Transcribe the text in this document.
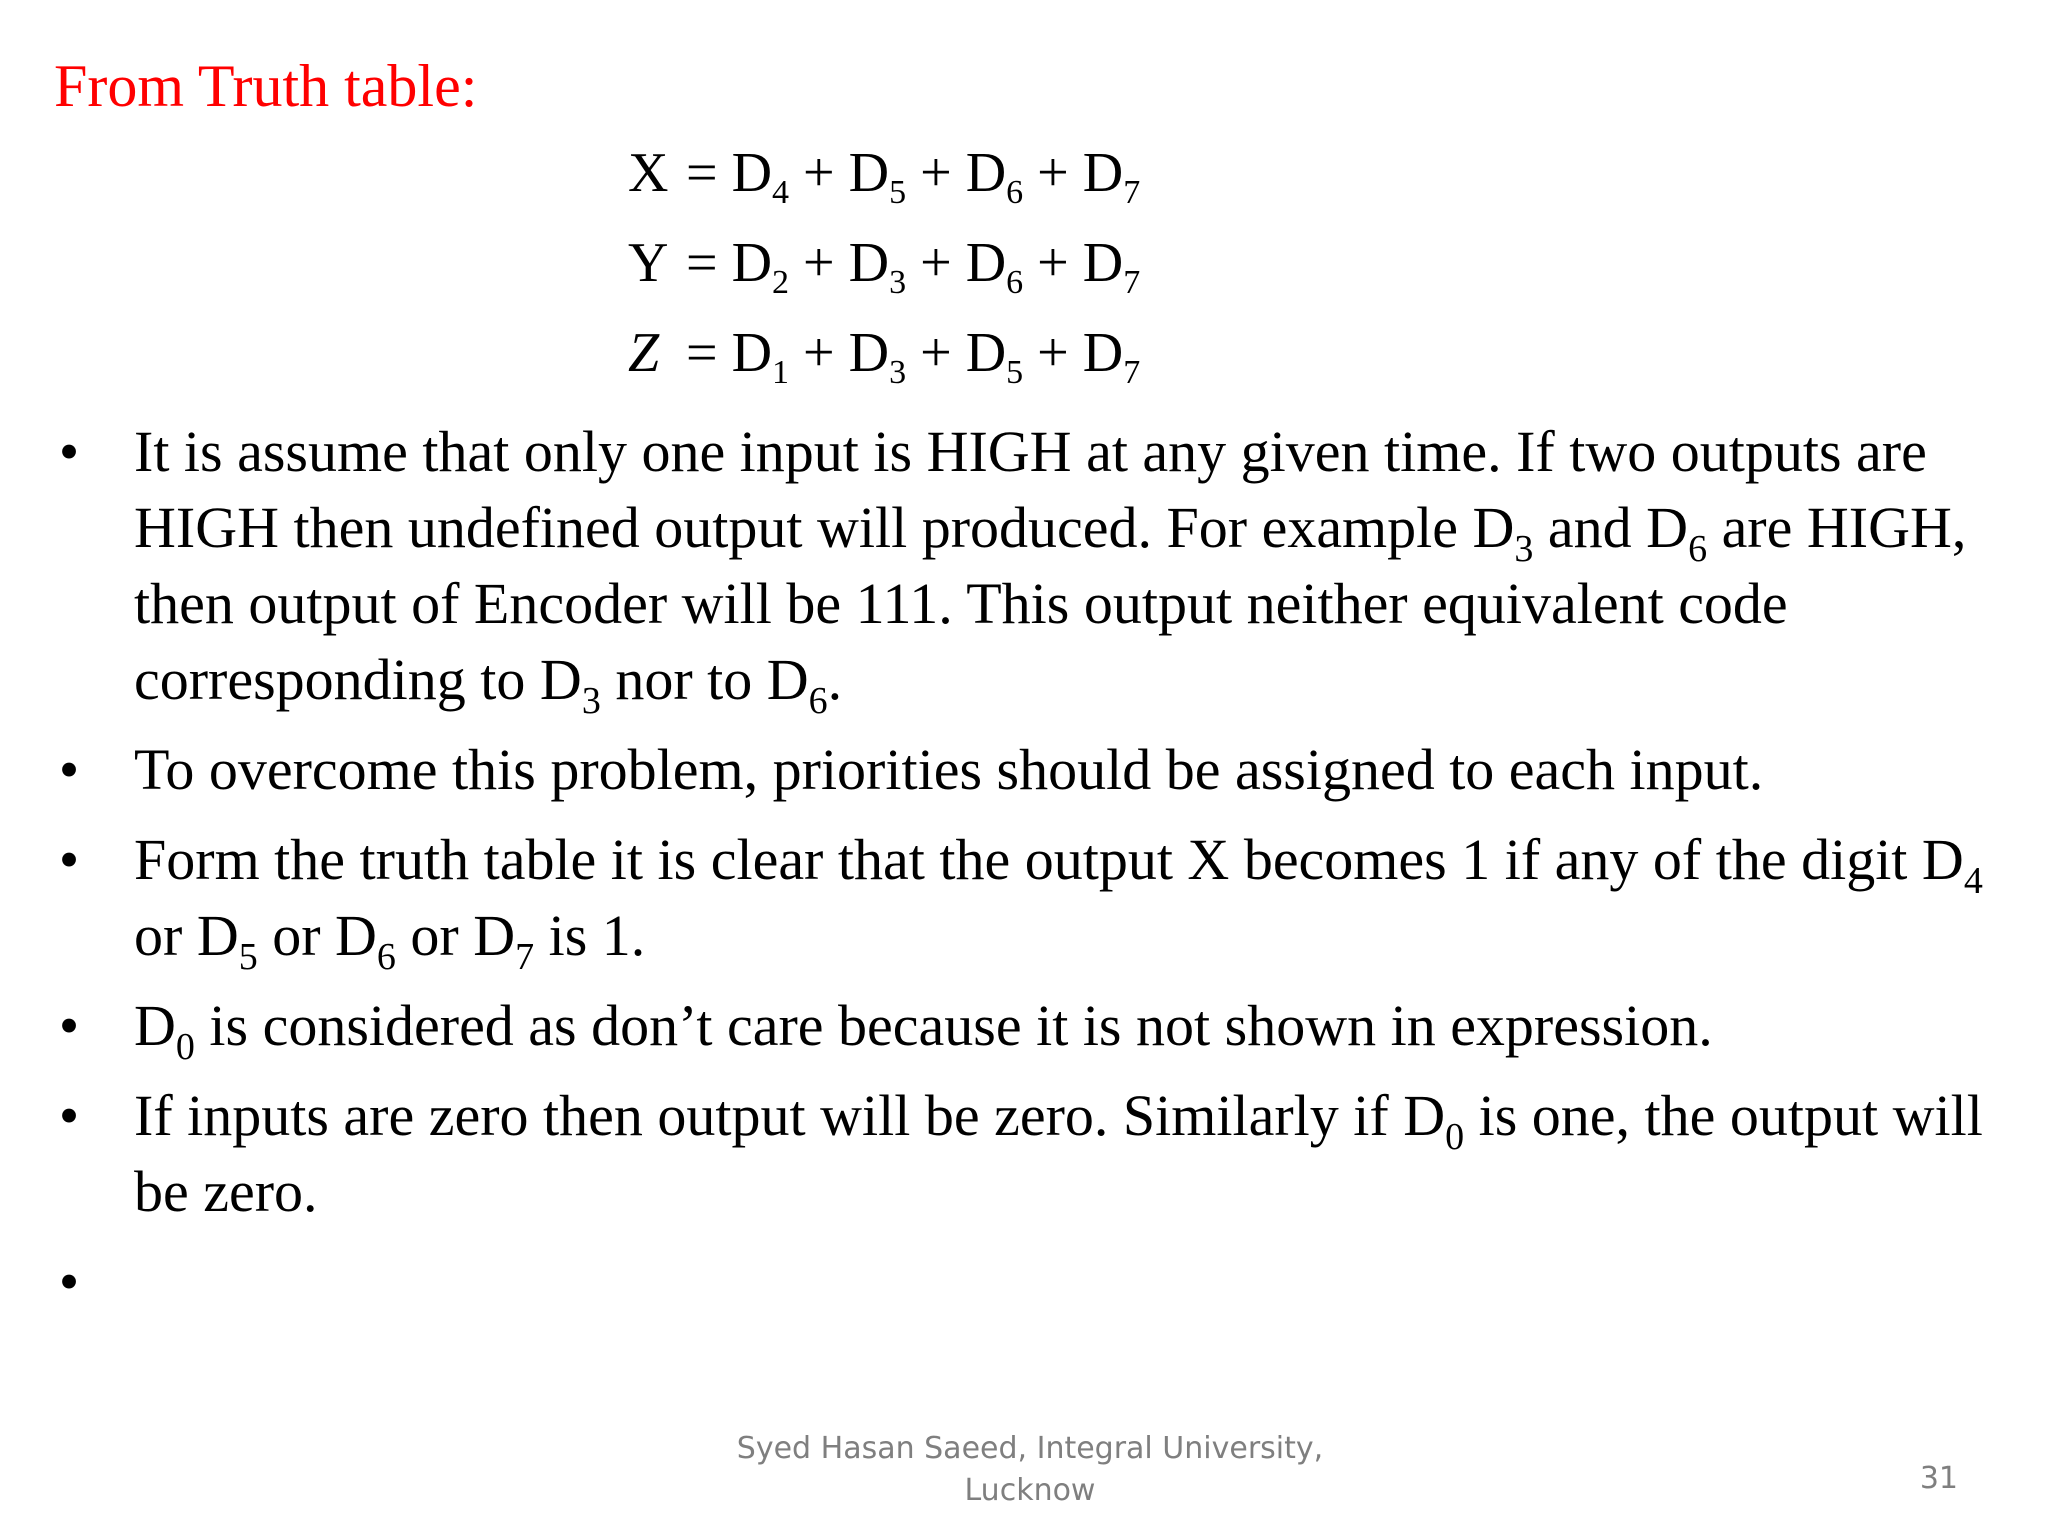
From Truth table:
$X = D_4 + D_5 + D_6 + D_7$
$Y = D_2 + D_3 + D_6 + D_7$
$Z = D_1 + D_3 + D_5 + D_7$
• It is assume that only one input is HIGH at any given time. If two outputs are HIGH then undefined output will produced. For example $D_3$ and $D_6$ are HIGH, then output of Encoder will be 111. This output neither equivalent code corresponding to $D_3$ nor to $D_6$.
• To overcome this problem, priorities should be assigned to each input.
• Form the truth table it is clear that the output X becomes 1 if any of the digit $D_4$ or $D_5$ or $D_6$ or $D_7$ is 1.
• $D_0$ is considered as don’t care because it is not shown in expression.
• If inputs are zero then output will be zero. Similarly if $D_0$ is one, the output will be zero.
•
Syed Hasan Saeed, Integral University,
Lucknow	31
